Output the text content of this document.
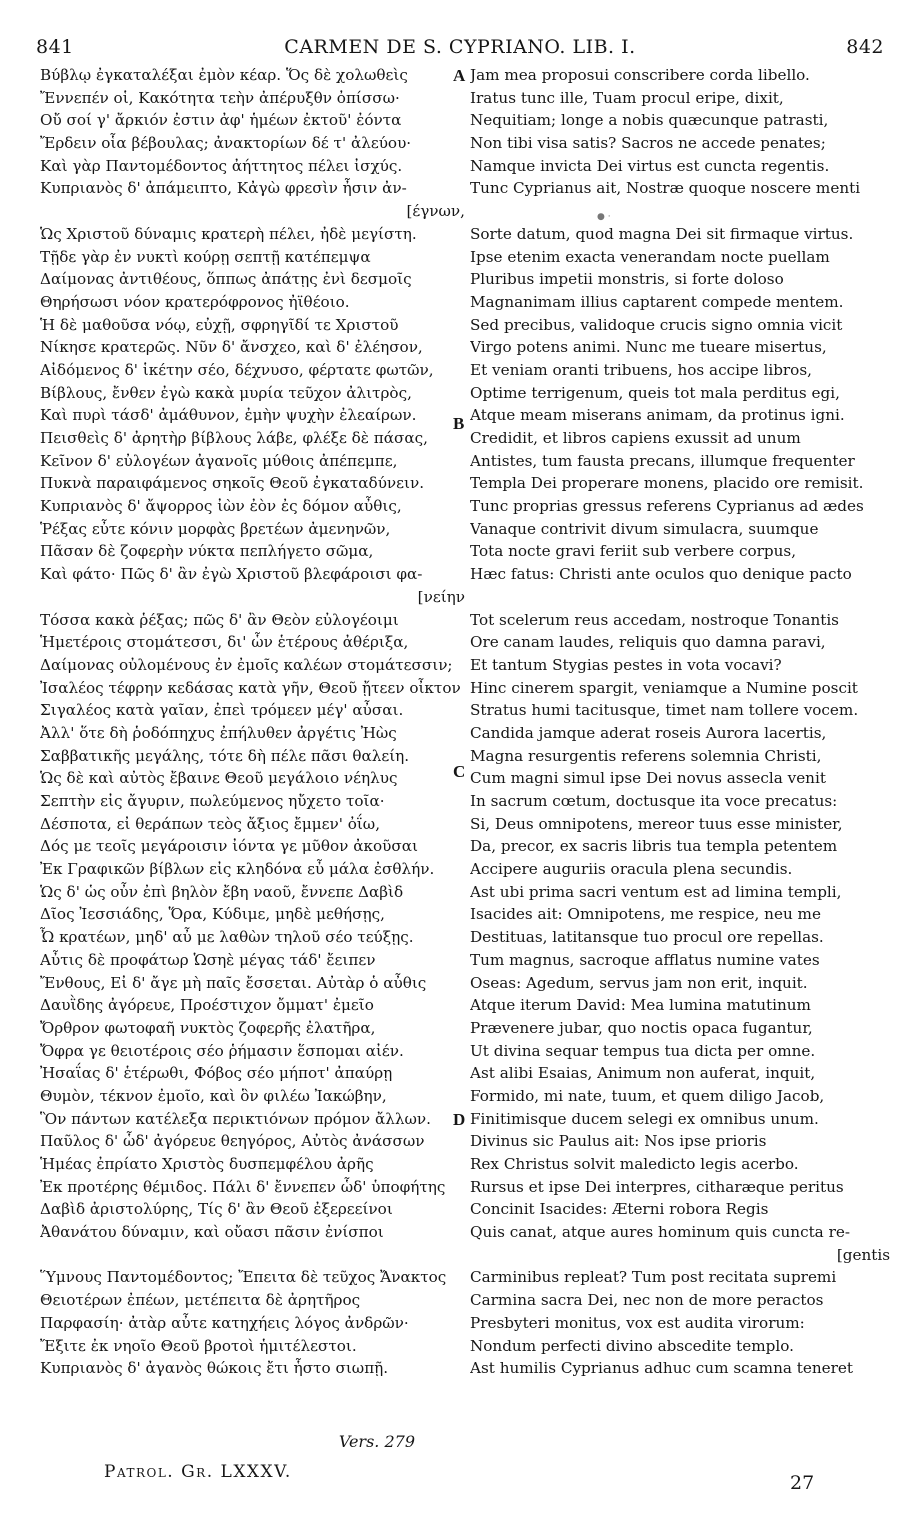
841	CARMEN DE S. CYPRIANO. LIB. I.	842
Βύβλῳ ἐγκαταλέξαι ἐμὸν κέαρ. Ὅς δὲ χολωθεὶς
Ἔννεπέν οἱ, Κακότητα τεὴν ἀπέρυξθν ὀπίσσω·
Οὔ σοί γ' ἄρκιόν ἐστιν ἀφ' ἡμέων ἐκτοῦ' ἐόντα
Ἔρδειν οἷα βέβουλας; ἀνακτορίων δέ τ' ἀλεύου·
Καὶ γὰρ Παντομέδοντος ἀήττητος πέλει ἰσχύς.
Κυπριανὸς δ' ἀπάμειπτο, Κἀγὼ φρεσὶν ἦσιν ἀν-
[έγνων,
Ὡς Χριστοῦ δύναμις κρατερὴ πέλει, ἠδὲ μεγίστη.
Τῇδε γὰρ ἐν νυκτὶ κούρῃ σεπτῇ κατέπεμψα
Δαίμονας ἀντιθέους, ὅππως ἀπάτῃς ἐνὶ δεσμοῖς
Θηρήσωσι νόον κρατερόφρονος ἠϊθέοιο.
Ἡ δὲ μαθοῦσα νόῳ, εὐχῇ, σφρηγῖδί τε Χριστοῦ
Νίκησε κρατερῶς. Νῦν δ' ἄνσχεο, καὶ δ' ἐλέησον,
Αἰδόμενος δ' ἱκέτην σέο, δέχνυσο, φέρτατε φωτῶν,
Βίβλους, ἔνθεν ἐγὼ κακὰ μυρία τεῦχον ἀλιτρὸς,
Καὶ πυρὶ τάσδ' ἀμάθυνον, ἐμὴν ψυχὴν ἐλεαίρων.
Πεισθεὶς δ' ἀρητὴρ βίβλους λάβε, φλέξε δὲ πάσας,
Κεῖνον δ' εὐλογέων ἀγανοῖς μύθοις ἀπέπεμπε,
Πυκνὰ παραιφάμενος σηκοῖς Θεοῦ ἐγκαταδύνειν.
Κυπριανὸς δ' ἄψορρος ἰὼν ἐὸν ἐς δόμον αὖθις,
Ῥέξας εὖτε κόνιν μορφὰς βρετέων ἀμενηνῶν,
Πᾶσαν δὲ ζοφερὴν νύκτα πεπλήγετο σῶμα,
Καὶ φάτο· Πῶς δ' ἂν ἐγὼ Χριστοῦ βλεφάροισι φα-
[νείην
Τόσσα κακὰ ῥέξας; πῶς δ' ἂν Θεὸν εὐλογέοιμι
Ἡμετέροις στομάτεσσι, δι' ὧν ἑτέρους ἀθέριξα,
Δαίμονας οὐλομένους ἐν ἐμοῖς καλέων στομάτεσσιν;
Ἰσαλέος τέφρην κεδάσας κατὰ γῆν, Θεοῦ ᾔτεεν οἶκτον
Σιγαλέος κατὰ γαῖαν, ἐπεὶ τρόμεεν μέγ' αὖσαι.
Ἀλλ' ὅτε δὴ ῥοδόπηχυς ἐπήλυθεν ἀργέτις Ἠὼς
Σαββατικῆς μεγάλης, τότε δὴ πέλε πᾶσι θαλείη.
Ὡς δὲ καὶ αὐτὸς ἔβαινε Θεοῦ μεγάλοιο νέηλυς
Σεπτὴν εἰς ἄγυριν, πωλεύμενος ηὔχετο τοῖα·
Δέσποτα, εἰ θεράπων τεὸς ἄξιος ἔμμεν' ὀΐω,
Δός με τεοῖς μεγάροισιν ἰόντα γε μῦθον ἀκοῦσαι
Ἐκ Γραφικῶν βίβλων εἰς κληδόνα εὖ μάλα ἐσθλήν.
Ὡς δ' ὡς οὖν ἐπὶ βηλὸν ἔβη ναοῦ, ἔννεπε Δαβὶδ
Δῖος Ἰεσσιάδης, Ὅρα, Κύδιμε, μηδὲ μεθήσῃς,
Ὦ κρατέων, μηδ' αὖ με λαθὼν τηλοῦ σέο τεύξῃς.
Αὖτις δὲ προφάτωρ Ὡσηὲ μέγας τάδ' ἔειπεν
Ἔνθους, Εἰ δ' ἄγε μὴ παῖς ἔσσεται. Αὐτὰρ ὁ αὖθις
Δαυῒδης ἀγόρευε, Προέστιχον ὄμματ' ἐμεῖο
Ὄρθρον φωτοφαῆ νυκτὸς ζοφερῆς ἐλατῆρα,
Ὄφρα γε θειοτέροις σέο ῥήμασιν ἕσπομαι αἰέν.
Ἠσαΐας δ' ἑτέρωθι, Φόβος σέο μήποτ' ἀπαύρῃ
Θυμὸν, τέκνον ἐμοῖο, καὶ ὃν φιλέω Ἰακώβην,
Ὃν πάντων κατέλεξα περικτιόνων πρόμον ἄλλων.
Παῦλος δ' ὧδ' ἀγόρευε θεηγόρος, Αὐτὸς ἀνάσσων
Ἡμέας ἐπρίατο Χριστὸς δυσπεμφέλου ἀρῆς
Ἐκ προτέρης θέμιδος. Πάλι δ' ἔννεπεν ὧδ' ὑποφήτης
Δαβὶδ ἀριστολύρης, Τίς δ' ἂν Θεοῦ ἐξερεείνοι
Ἀθανάτου δύναμιν, καὶ οὔασι πᾶσιν ἐνίσποι
Ὕμνους Παντομέδοντος; Ἔπειτα δὲ τεῦχος Ἄνακτος
Θειοτέρων ἐπέων, μετέπειτα δὲ ἀρητῆρος
Παρφασίη· ἀτὰρ αὖτε κατηχήεις λόγος ἀνδρῶν·
Ἔξιτε ἐκ νηοῖο Θεοῦ βροτοὶ ἡμιτέλεστοι.
Κυπριανὸς δ' ἀγανὸς θώκοις ἔτι ἧστο σιωπῇ.
Jam mea proposui conscribere corda libello.
Iratus tunc ille, Tuam procul eripe, dixit,
Nequitiam; longe a nobis quæcunque patrasti,
Non tibi visa satis? Sacros ne accede penates;
Namque invicta Dei virtus est cuncta regentis.
Tunc Cyprianus ait, Nostræ quoque noscere menti
Sorte datum, quod magna Dei sit firmaque virtus.
Ipse etenim exacta venerandam nocte puellam
Pluribus impetii monstris, si forte doloso
Magnanimam illius captarent compede mentem.
Sed precibus, validoque crucis signo omnia vicit
Virgo potens animi. Nunc me tueare misertus,
Et veniam oranti tribuens, hos accipe libros,
Optime terrigenum, queis tot mala perditus egi,
Atque meam miserans animam, da protinus igni.
Credidit, et libros capiens exussit ad unum
Antistes, tum fausta precans, illumque frequenter
Templa Dei properare monens, placido ore remisit.
Tunc proprias gressus referens Cyprianus ad ædes
Vanaque contrivit divum simulacra, suumque
Tota nocte gravi feriit sub verbere corpus,
Hæc fatus: Christi ante oculos quo denique pacto
Tot scelerum reus accedam, nostroque Tonantis
Ore canam laudes, reliquis quo damna paravi,
Et tantum Stygias pestes in vota vocavi?
Hinc cinerem spargit, veniamque a Numine poscit
Stratus humi tacitusque, timet nam tollere vocem.
Candida jamque aderat roseis Aurora lacertis,
Magna resurgentis referens solemnia Christi,
Cum magni simul ipse Dei novus assecla venit
In sacrum cœtum, doctusque ita voce precatus:
Si, Deus omnipotens, mereor tuus esse minister,
Da, precor, ex sacris libris tua templa petentem
Accipere auguriis oracula plena secundis.
Ast ubi prima sacri ventum est ad limina templi,
Isacides ait: Omnipotens, me respice, neu me
Destituas, latitansque tuo procul ore repellas.
Tum magnus, sacroque afflatus numine vates
Oseas: Agedum, servus jam non erit, inquit.
Atque iterum David: Mea lumina matutinum
Prævenere jubar, quo noctis opaca fugantur,
Ut divina sequar tempus tua dicta per omne.
Ast alibi Esaias, Animum non auferat, inquit,
Formido, mi nate, tuum, et quem diligo Jacob,
Finitimisque ducem selegi ex omnibus unum.
Divinus sic Paulus ait: Nos ipse prioris
Rex Christus solvit maledicto legis acerbo.
Rursus et ipse Dei interpres, citharæque peritus
Concinit Isacides: Æterni robora Regis
Quis canat, atque aures hominum quis cuncta re-
[gentis
Carminibus repleat? Tum post recitata supremi
Carmina sacra Dei, nec non de more peractos
Presbyteri monitus, vox est audita virorum:
Nondum perfecti divino abscedite templo.
Ast humilis Cyprianus adhuc cum scamna teneret
A
B
C
D
● ·
Vers. 279
Patrol. Gr. LXXXV.	27
